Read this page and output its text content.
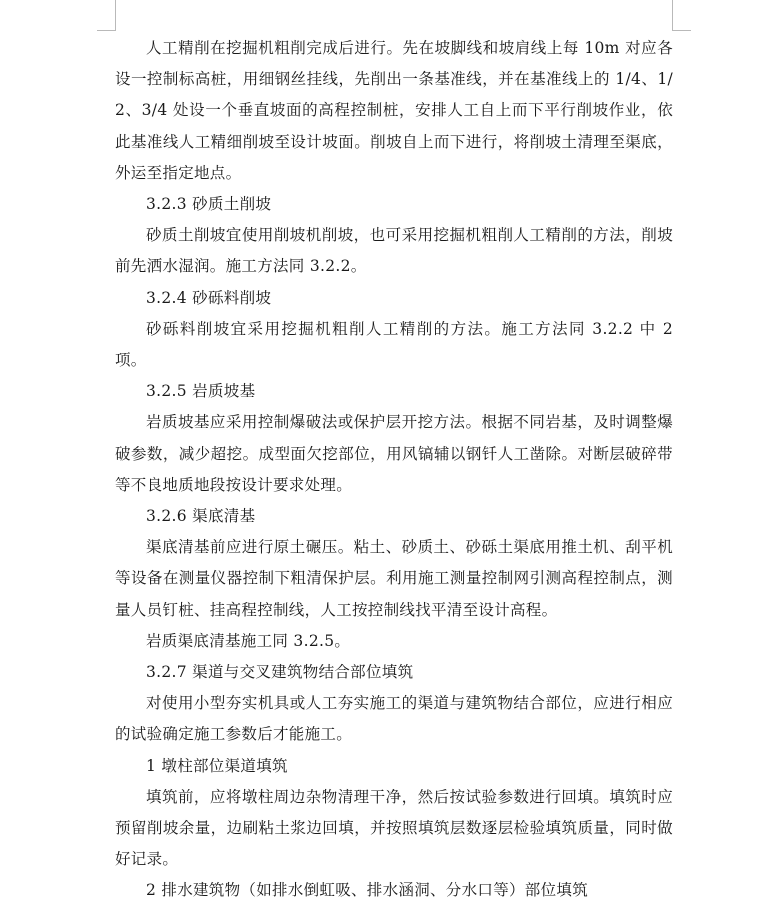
人工精削在挖掘机粗削完成后进行。先在坡脚线和坡肩线上每 10m 对应各设一控制标高桩，用细钢丝挂线，先削出一条基准线，并在基准线上的 1/4、1/2、3/4 处设一个垂直坡面的高程控制桩，安排人工自上而下平行削坡作业，依此基准线人工精细削坡至设计坡面。削坡自上而下进行，将削坡土清理至渠底，外运至指定地点。

3.2.3 砂质土削坡

砂质土削坡宜使用削坡机削坡，也可采用挖掘机粗削人工精削的方法，削坡前先洒水湿润。施工方法同 3.2.2。

3.2.4 砂砾料削坡

砂砾料削坡宜采用挖掘机粗削人工精削的方法。施工方法同 3.2.2 中 2 项。

3.2.5 岩质坡基

岩质坡基应采用控制爆破法或保护层开挖方法。根据不同岩基，及时调整爆破参数，减少超挖。成型面欠挖部位，用风镐辅以钢钎人工凿除。对断层破碎带等不良地质地段按设计要求处理。

3.2.6 渠底清基

渠底清基前应进行原土碾压。粘土、砂质土、砂砾土渠底用推土机、刮平机等设备在测量仪器控制下粗清保护层。利用施工测量控制网引测高程控制点，测量人员钉桩、挂高程控制线，人工按控制线找平清至设计高程。

岩质渠底清基施工同 3.2.5。

3.2.7 渠道与交叉建筑物结合部位填筑

对使用小型夯实机具或人工夯实施工的渠道与建筑物结合部位，应进行相应的试验确定施工参数后才能施工。

1 墩柱部位渠道填筑

填筑前，应将墩柱周边杂物清理干净，然后按试验参数进行回填。填筑时应预留削坡余量，边刷粘土浆边回填，并按照填筑层数逐层检验填筑质量，同时做好记录。

2 排水建筑物（如排水倒虹吸、排水涵洞、分水口等）部位填筑
